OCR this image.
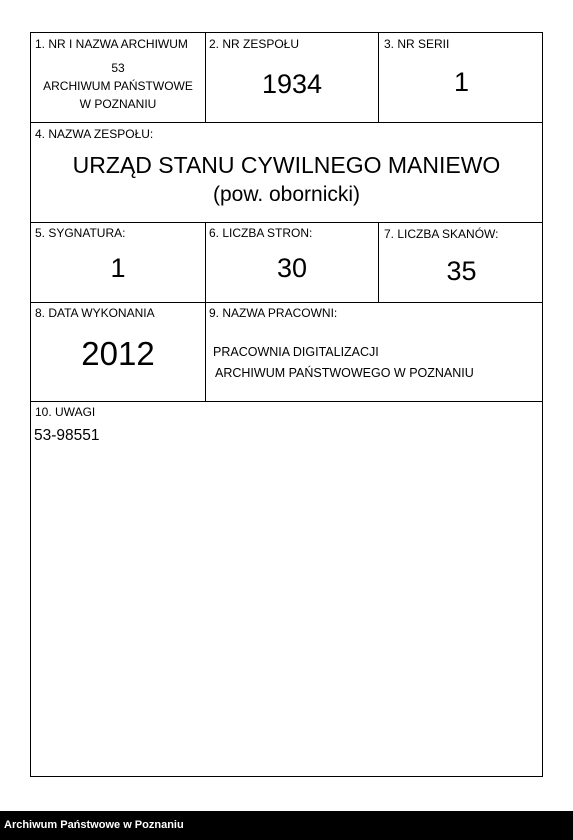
1. NR I NAZWA ARCHIWUM
53
ARCHIWUM PAŃSTWOWE
W POZNANIU
2. NR ZESPOŁU
1934
3. NR SERII
1
4. NAZWA ZESPOŁU:
URZĄD STANU CYWILNEGO MANIEWO
(pow. obornicki)
5. SYGNATURA:
1
6. LICZBA STRON:
30
7. LICZBA SKANÓW:
35
8. DATA WYKONANIA
2012
9. NAZWA PRACOWNI:
PRACOWNIA DIGITALIZACJI
ARCHIWUM PAŃSTWOWEGO W POZNANIU
10. UWAGI
53-98551
Archiwum Państwowe w Poznaniu
